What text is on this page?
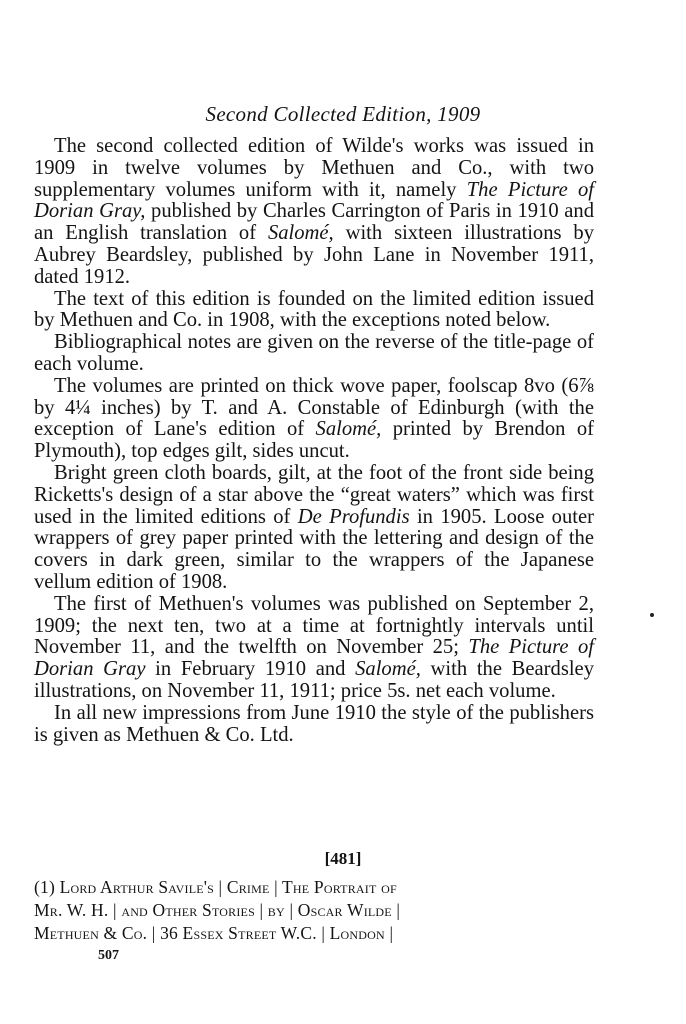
Second Collected Edition, 1909

The second collected edition of Wilde's works was issued in 1909 in twelve volumes by Methuen and Co., with two supplementary volumes uniform with it, namely The Picture of Dorian Gray, published by Charles Carrington of Paris in 1910 and an English translation of Salomé, with sixteen illustrations by Aubrey Beardsley, published by John Lane in November 1911, dated 1912.

The text of this edition is founded on the limited edition issued by Methuen and Co. in 1908, with the exceptions noted below.

Bibliographical notes are given on the reverse of the title-page of each volume.

The volumes are printed on thick wove paper, foolscap 8vo (6⅞ by 4¼ inches) by T. and A. Constable of Edinburgh (with the exception of Lane's edition of Salomé, printed by Brendon of Plymouth), top edges gilt, sides uncut.

Bright green cloth boards, gilt, at the foot of the front side being Ricketts's design of a star above the “great waters” which was first used in the limited editions of De Profundis in 1905. Loose outer wrappers of grey paper printed with the lettering and design of the covers in dark green, similar to the wrappers of the Japanese vellum edition of 1908.

The first of Methuen's volumes was published on September 2, 1909; the next ten, two at a time at fortnightly intervals until November 11, and the twelfth on November 25; The Picture of Dorian Gray in February 1910 and Salomé, with the Beardsley illustrations, on November 11, 1911; price 5s. net each volume.

In all new impressions from June 1910 the style of the publishers is given as Methuen & Co. Ltd.

[481]
(1) Lord Arthur Savile's | Crime | The Portrait of
Mr. W. H. | and Other Stories | by | Oscar Wilde |
Methuen & Co. | 36 Essex Street W.C. | London |
507
